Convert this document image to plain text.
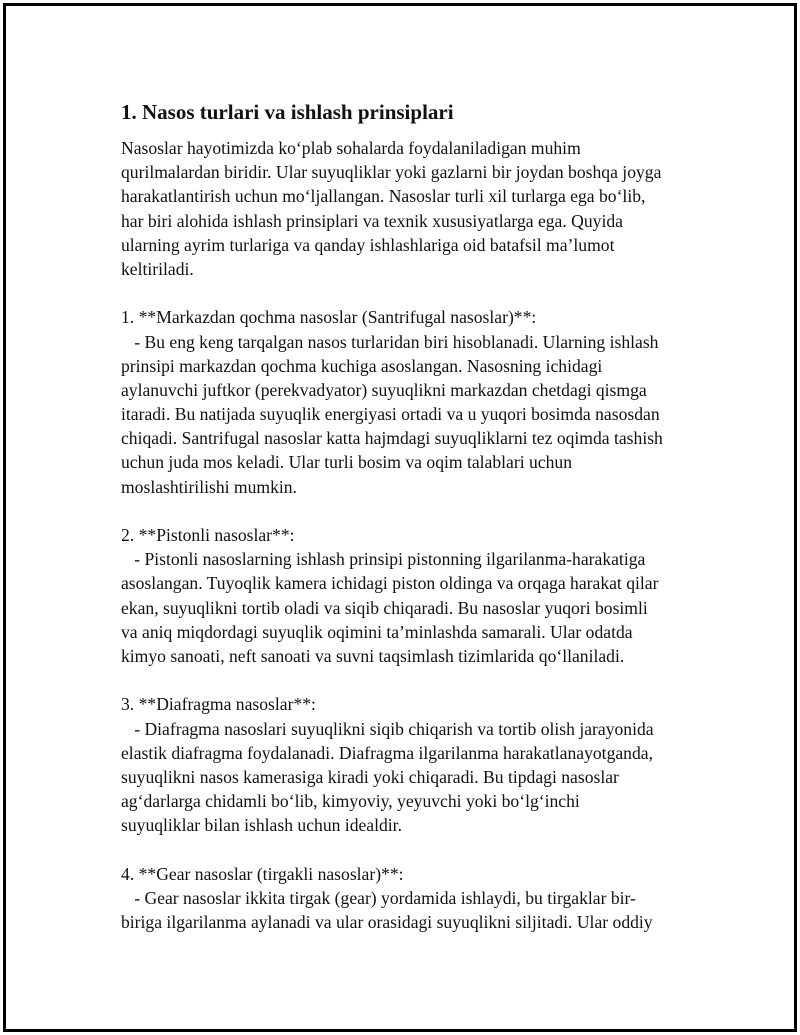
1. Nasos turlari va ishlash prinsiplari
Nasoslar hayotimizda ko‘plab sohalarda foydalaniladigan muhim
qurilmalardan biridir. Ular suyuqliklar yoki gazlarni bir joydan boshqa joyga
harakatlantirish uchun mo‘ljallangan. Nasoslar turli xil turlarga ega bo‘lib,
har biri alohida ishlash prinsiplari va texnik xususiyatlarga ega. Quyida
ularning ayrim turlariga va qanday ishlashlariga oid batafsil ma’lumot
keltiriladi.
1. **Markazdan qochma nasoslar (Santrifugal nasoslar)**:
- Bu eng keng tarqalgan nasos turlaridan biri hisoblanadi. Ularning ishlash
prinsipi markazdan qochma kuchiga asoslangan. Nasosning ichidagi
aylanuvchi juftkor (perekvadyator) suyuqlikni markazdan chetdagi qismga
itaradi. Bu natijada suyuqlik energiyasi ortadi va u yuqori bosimda nasosdan
chiqadi. Santrifugal nasoslar katta hajmdagi suyuqliklarni tez oqimda tashish
uchun juda mos keladi. Ular turli bosim va oqim talablari uchun
moslashtirilishi mumkin.
2. **Pistonli nasoslar**:
- Pistonli nasoslarning ishlash prinsipi pistonning ilgarilanma-harakatiga
asoslangan. Tuyoqlik kamera ichidagi piston oldinga va orqaga harakat qilar
ekan, suyuqlikni tortib oladi va siqib chiqaradi. Bu nasoslar yuqori bosimli
va aniq miqdordagi suyuqlik oqimini ta’minlashda samarali. Ular odatda
kimyo sanoati, neft sanoati va suvni taqsimlash tizimlarida qo‘llaniladi.
3. **Diafragma nasoslar**:
- Diafragma nasoslari suyuqlikni siqib chiqarish va tortib olish jarayonida
elastik diafragma foydalanadi. Diafragma ilgarilanma harakatlanayotganda,
suyuqlikni nasos kamerasiga kiradi yoki chiqaradi. Bu tipdagi nasoslar
ag‘darlarga chidamli bo‘lib, kimyoviy, yeyuvchi yoki bo‘lg‘inchi
suyuqliklar bilan ishlash uchun idealdir.
4. **Gear nasoslar (tirgakli nasoslar)**:
- Gear nasoslar ikkita tirgak (gear) yordamida ishlaydi, bu tirgaklar bir-
biriga ilgarilanma aylanadi va ular orasidagi suyuqlikni siljitadi. Ular oddiy
